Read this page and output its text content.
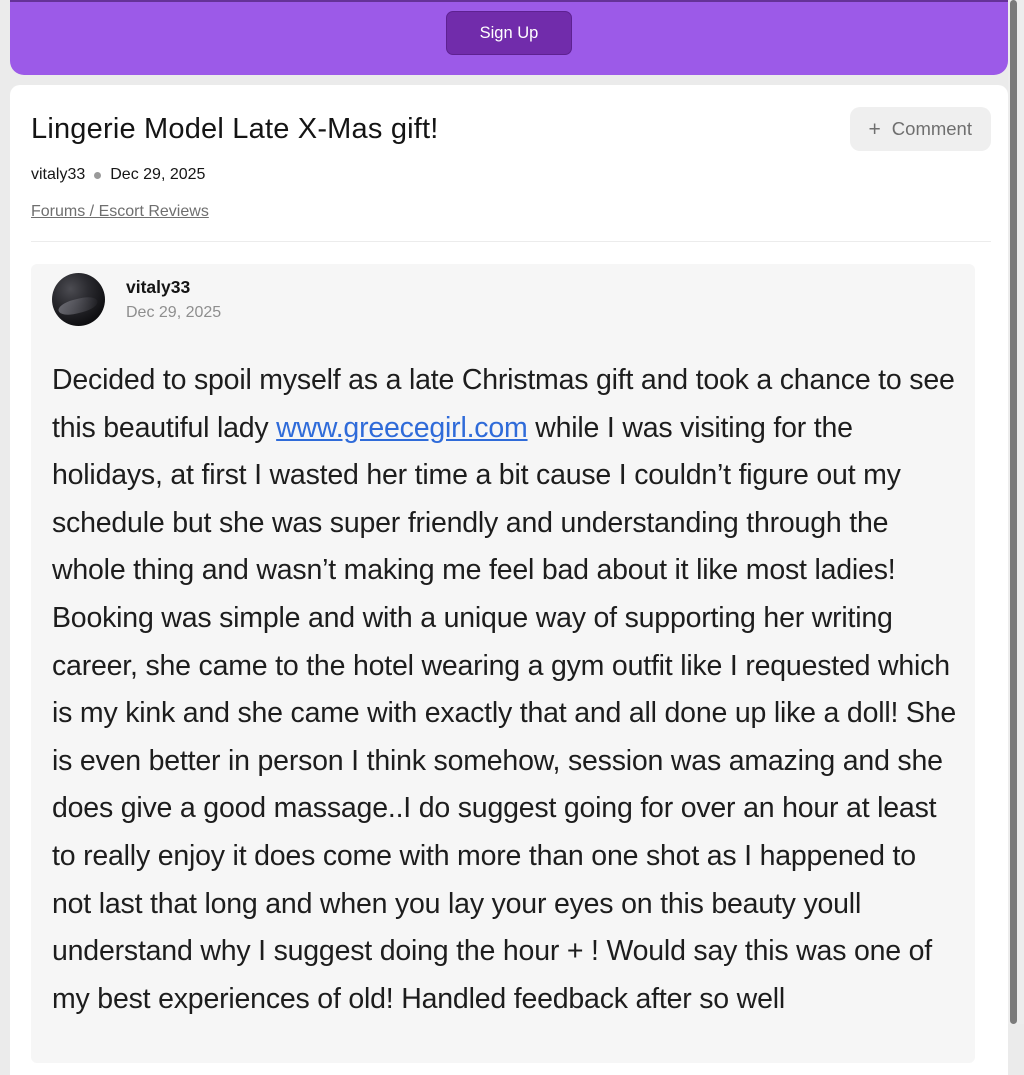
Sign Up
+ Comment
Lingerie Model Late X-Mas gift!
vitaly33 Dec 29, 2025
Forums / Escort Reviews
vitaly33
Dec 29, 2025
Decided to spoil myself as a late Christmas gift and took a chance to see this beautiful lady www.greecegirl.com while I was visiting for the holidays, at first I wasted her time a bit cause I couldn’t figure out my schedule but she was super friendly and understanding through the whole thing and wasn’t making me feel bad about it like most ladies! Booking was simple and with a unique way of supporting her writing career, she came to the hotel wearing a gym outfit like I requested which is my kink and she came with exactly that and all done up like a doll! She is even better in person I think somehow, session was amazing and she does give a good massage..I do suggest going for over an hour at least to really enjoy it does come with more than one shot as I happened to not last that long and when you lay your eyes on this beauty youll understand why I suggest doing the hour + ! Would say this was one of my best experiences of old! Handled feedback after so well
